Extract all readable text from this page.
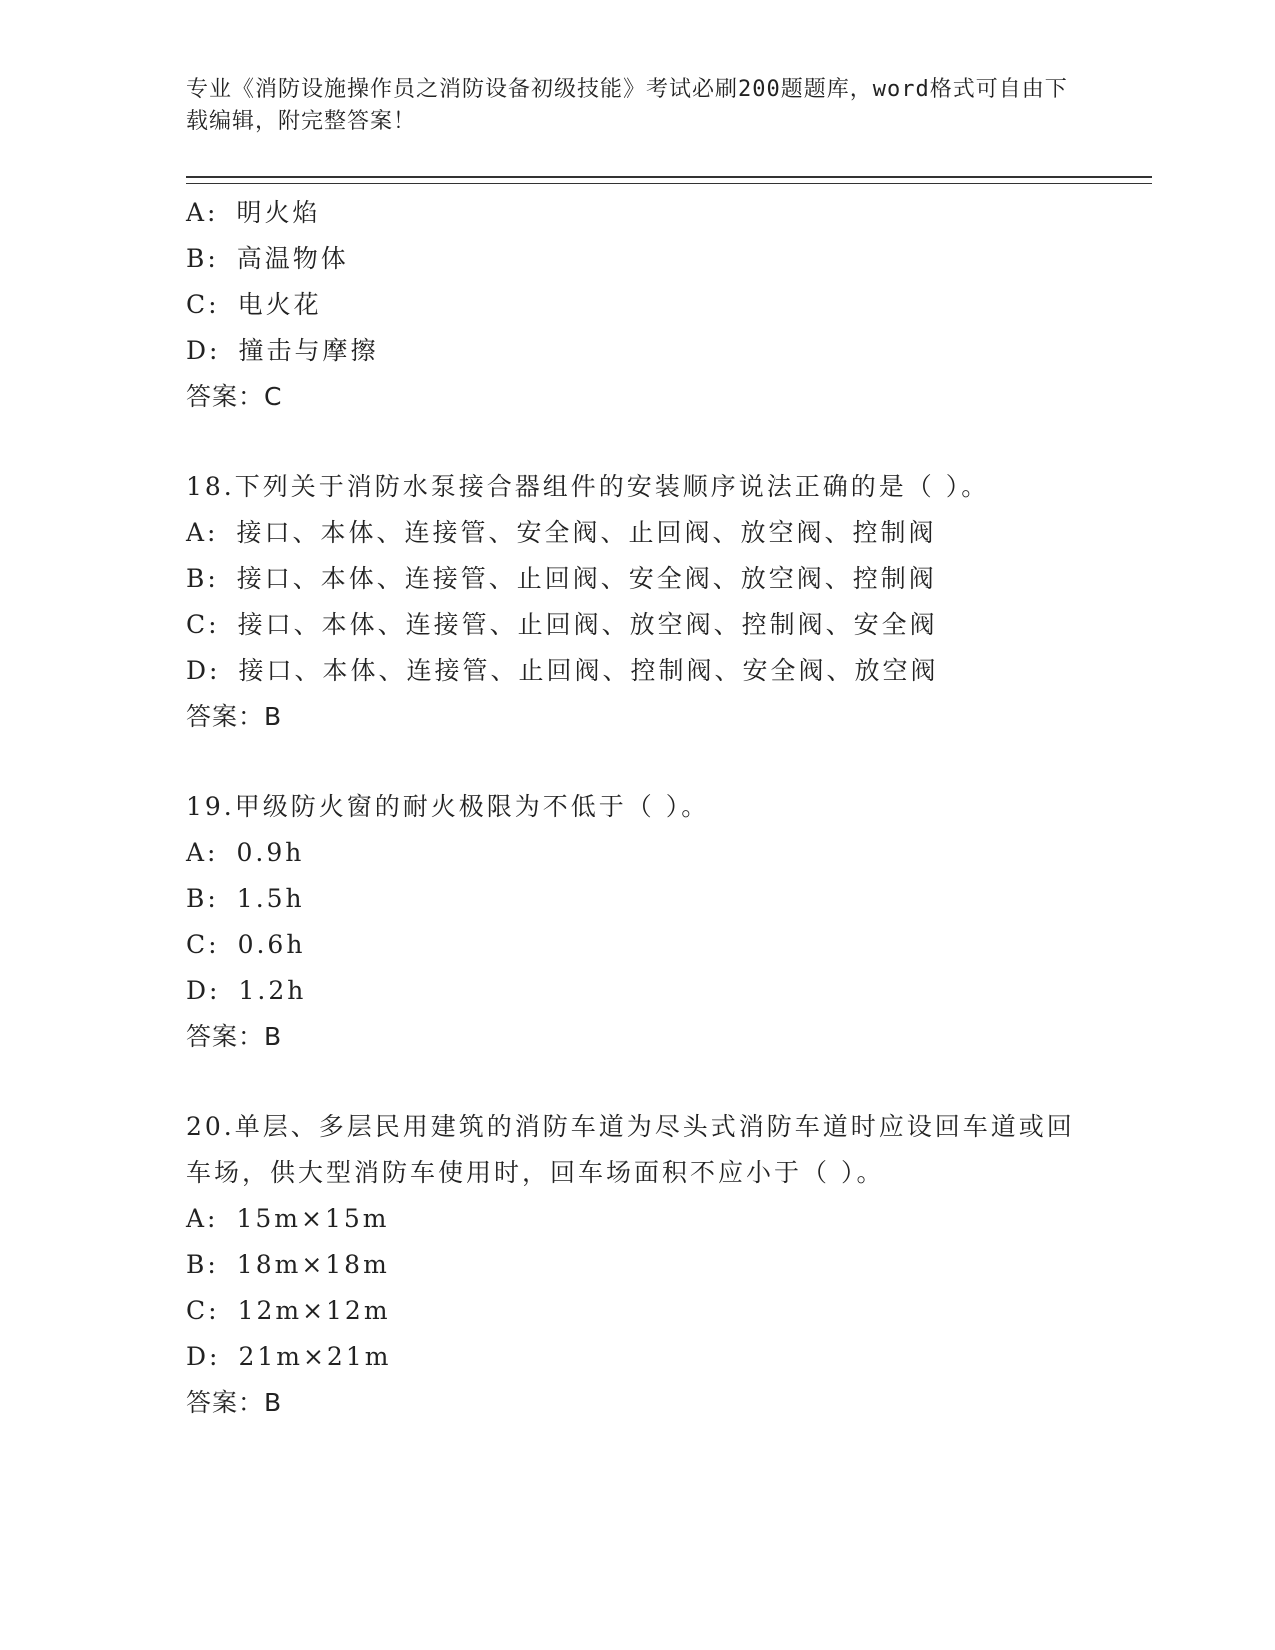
专业《消防设施操作员之消防设备初级技能》考试必刷200题题库，word格式可自由下载编辑，附完整答案！
A: 明火焰
B: 高温物体
C: 电火花
D: 撞击与摩擦
答案：C
18.下列关于消防水泵接合器组件的安装顺序说法正确的是（ ）。
A: 接口、本体、连接管、安全阀、止回阀、放空阀、控制阀
B: 接口、本体、连接管、止回阀、安全阀、放空阀、控制阀
C: 接口、本体、连接管、止回阀、放空阀、控制阀、安全阀
D: 接口、本体、连接管、止回阀、控制阀、安全阀、放空阀
答案：B
19.甲级防火窗的耐火极限为不低于（ ）。
A: 0.9h
B: 1.5h
C: 0.6h
D: 1.2h
答案：B
20.单层、多层民用建筑的消防车道为尽头式消防车道时应设回车道或回车场，供大型消防车使用时，回车场面积不应小于（ ）。
A: 15m×15m
B: 18m×18m
C: 12m×12m
D: 21m×21m
答案：B
